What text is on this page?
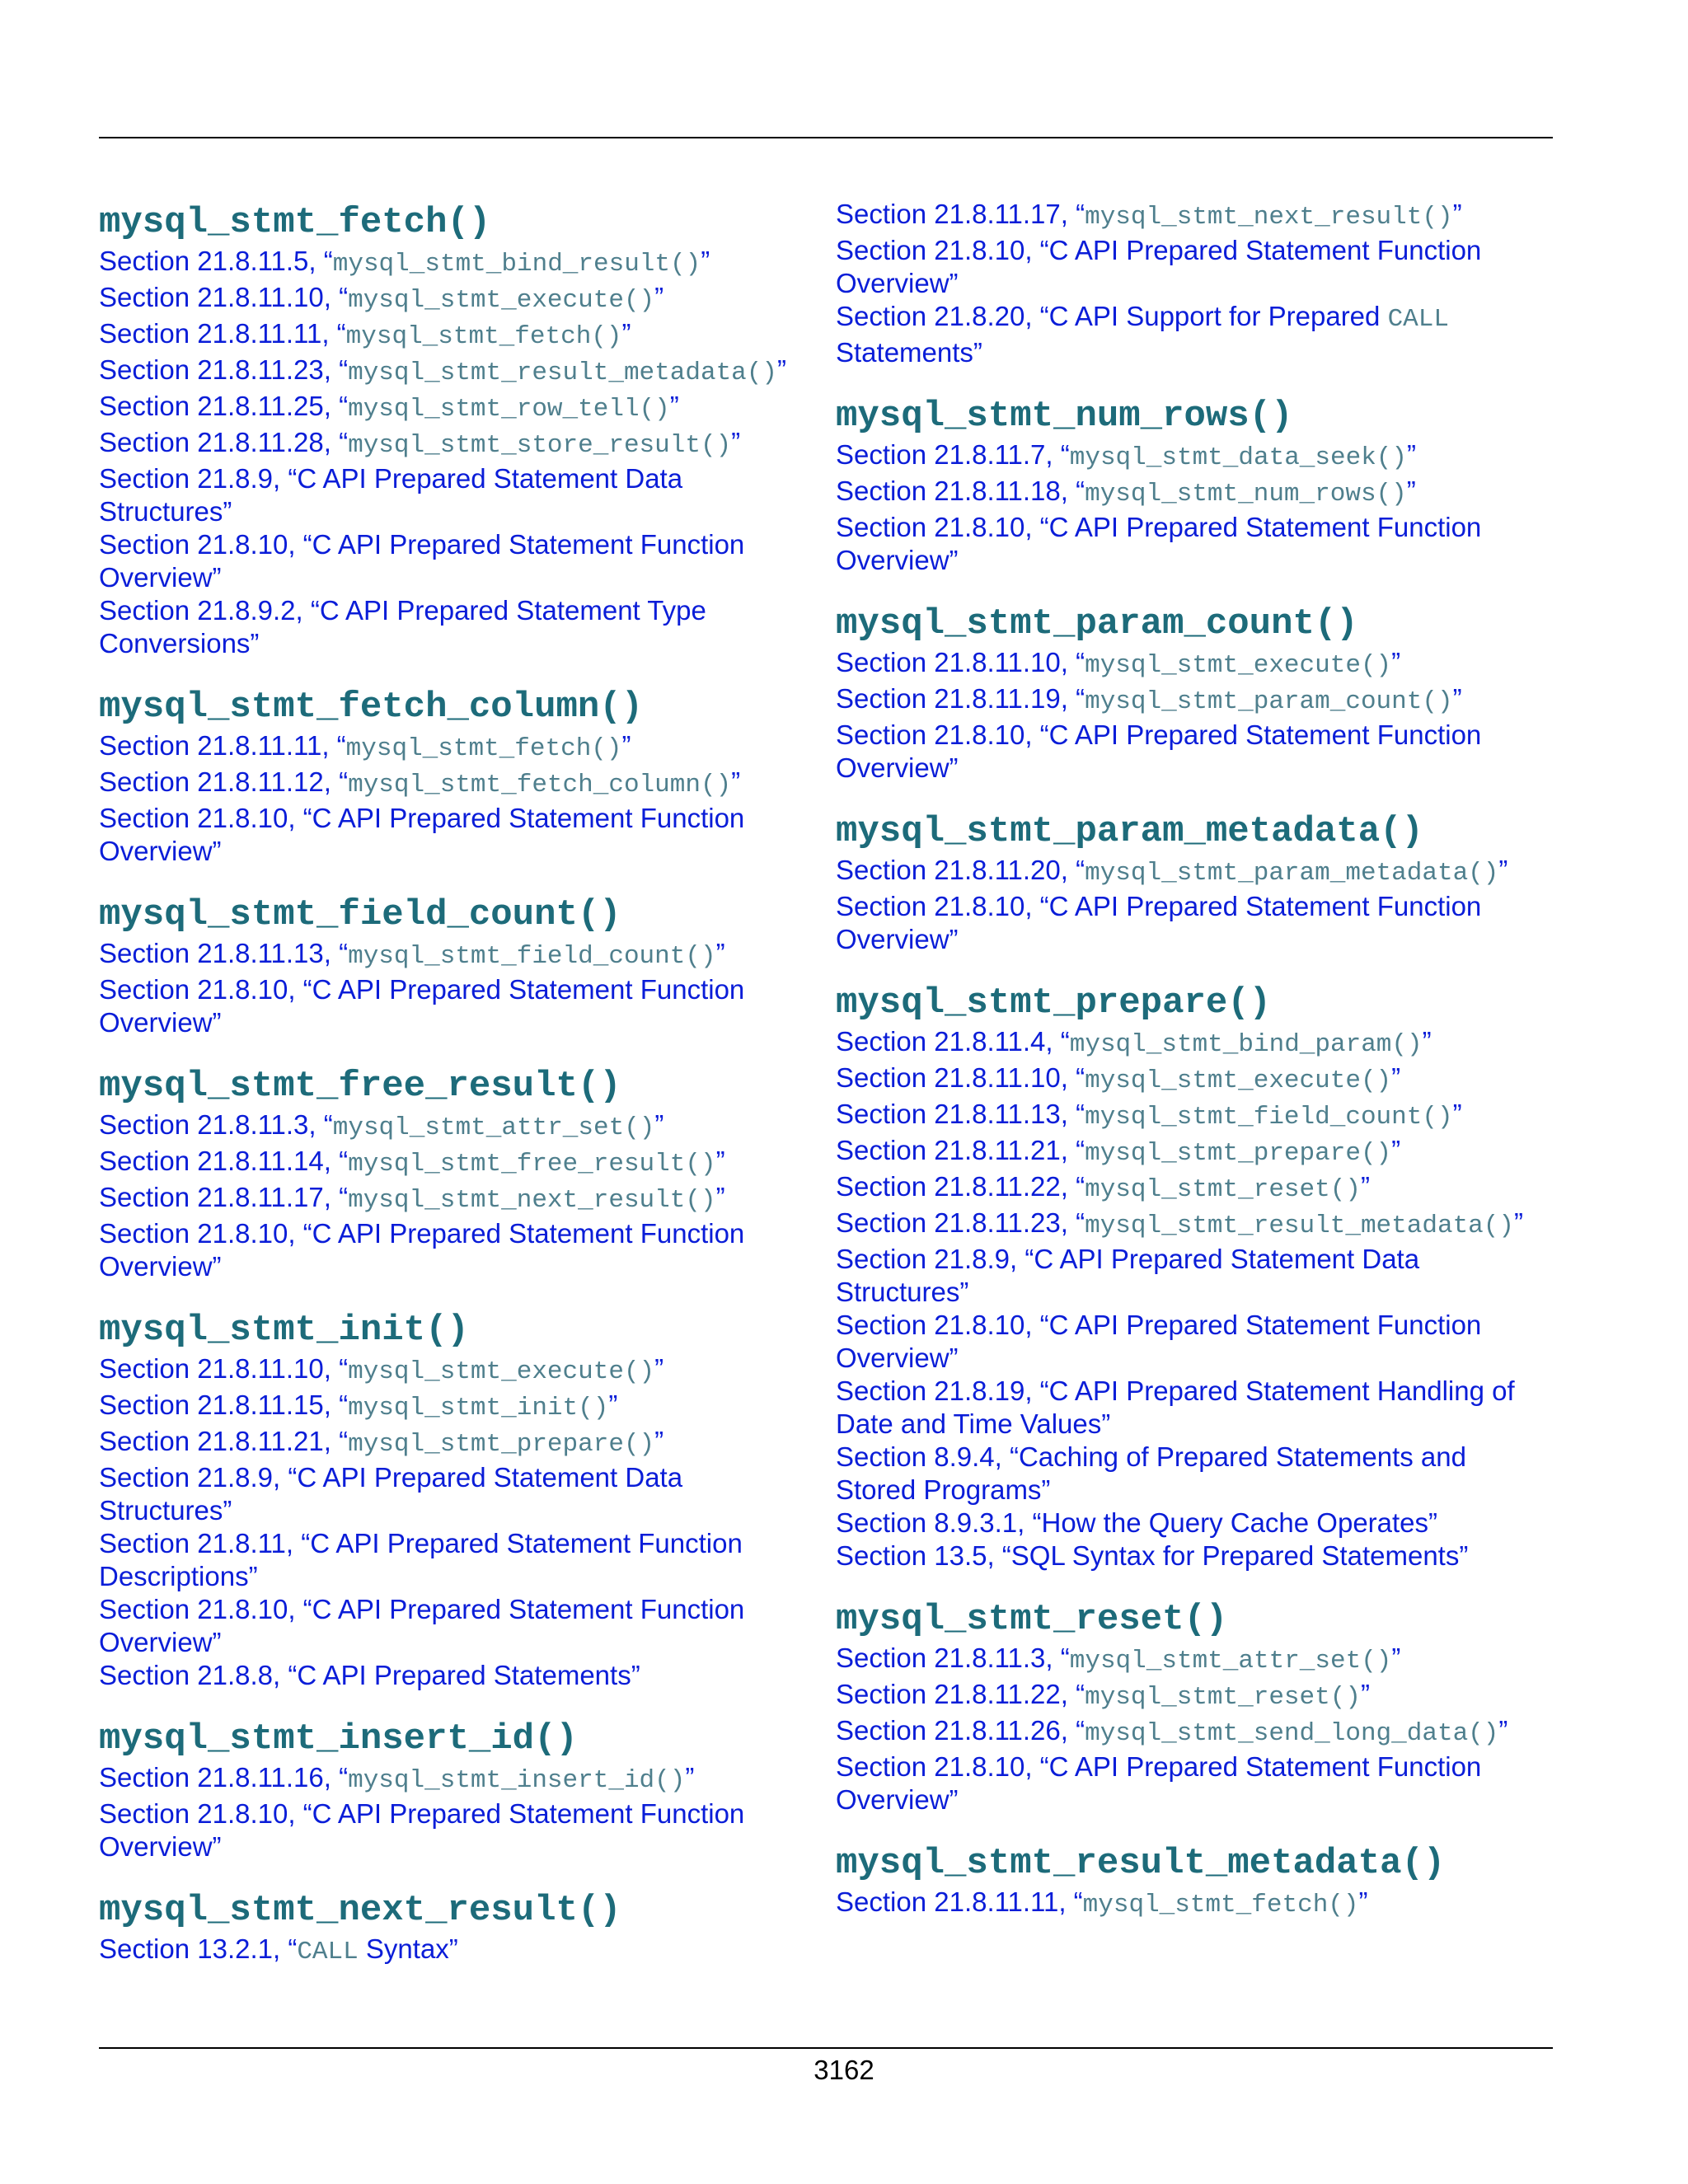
mysql_stmt_fetch()
Section 21.8.11.5, “mysql_stmt_bind_result()”
Section 21.8.11.10, “mysql_stmt_execute()”
Section 21.8.11.11, “mysql_stmt_fetch()”
Section 21.8.11.23, “mysql_stmt_result_metadata()”
Section 21.8.11.25, “mysql_stmt_row_tell()”
Section 21.8.11.28, “mysql_stmt_store_result()”
Section 21.8.9, “C API Prepared Statement Data Structures”
Section 21.8.10, “C API Prepared Statement Function Overview”
Section 21.8.9.2, “C API Prepared Statement Type Conversions”
mysql_stmt_fetch_column()
Section 21.8.11.11, “mysql_stmt_fetch()”
Section 21.8.11.12, “mysql_stmt_fetch_column()”
Section 21.8.10, “C API Prepared Statement Function Overview”
mysql_stmt_field_count()
Section 21.8.11.13, “mysql_stmt_field_count()”
Section 21.8.10, “C API Prepared Statement Function Overview”
mysql_stmt_free_result()
Section 21.8.11.3, “mysql_stmt_attr_set()”
Section 21.8.11.14, “mysql_stmt_free_result()”
Section 21.8.11.17, “mysql_stmt_next_result()”
Section 21.8.10, “C API Prepared Statement Function Overview”
mysql_stmt_init()
Section 21.8.11.10, “mysql_stmt_execute()”
Section 21.8.11.15, “mysql_stmt_init()”
Section 21.8.11.21, “mysql_stmt_prepare()”
Section 21.8.9, “C API Prepared Statement Data Structures”
Section 21.8.11, “C API Prepared Statement Function Descriptions”
Section 21.8.10, “C API Prepared Statement Function Overview”
Section 21.8.8, “C API Prepared Statements”
mysql_stmt_insert_id()
Section 21.8.11.16, “mysql_stmt_insert_id()”
Section 21.8.10, “C API Prepared Statement Function Overview”
mysql_stmt_next_result()
Section 13.2.1, “CALL Syntax”
Section 21.8.11.17, “mysql_stmt_next_result()”
Section 21.8.10, “C API Prepared Statement Function Overview”
Section 21.8.20, “C API Support for Prepared CALL Statements”
mysql_stmt_num_rows()
Section 21.8.11.7, “mysql_stmt_data_seek()”
Section 21.8.11.18, “mysql_stmt_num_rows()”
Section 21.8.10, “C API Prepared Statement Function Overview”
mysql_stmt_param_count()
Section 21.8.11.10, “mysql_stmt_execute()”
Section 21.8.11.19, “mysql_stmt_param_count()”
Section 21.8.10, “C API Prepared Statement Function Overview”
mysql_stmt_param_metadata()
Section 21.8.11.20, “mysql_stmt_param_metadata()”
Section 21.8.10, “C API Prepared Statement Function Overview”
mysql_stmt_prepare()
Section 21.8.11.4, “mysql_stmt_bind_param()”
Section 21.8.11.10, “mysql_stmt_execute()”
Section 21.8.11.13, “mysql_stmt_field_count()”
Section 21.8.11.21, “mysql_stmt_prepare()”
Section 21.8.11.22, “mysql_stmt_reset()”
Section 21.8.11.23, “mysql_stmt_result_metadata()”
Section 21.8.9, “C API Prepared Statement Data Structures”
Section 21.8.10, “C API Prepared Statement Function Overview”
Section 21.8.19, “C API Prepared Statement Handling of Date and Time Values”
Section 8.9.4, “Caching of Prepared Statements and Stored Programs”
Section 8.9.3.1, “How the Query Cache Operates”
Section 13.5, “SQL Syntax for Prepared Statements”
mysql_stmt_reset()
Section 21.8.11.3, “mysql_stmt_attr_set()”
Section 21.8.11.22, “mysql_stmt_reset()”
Section 21.8.11.26, “mysql_stmt_send_long_data()”
Section 21.8.10, “C API Prepared Statement Function Overview”
mysql_stmt_result_metadata()
Section 21.8.11.11, “mysql_stmt_fetch()”
3162
